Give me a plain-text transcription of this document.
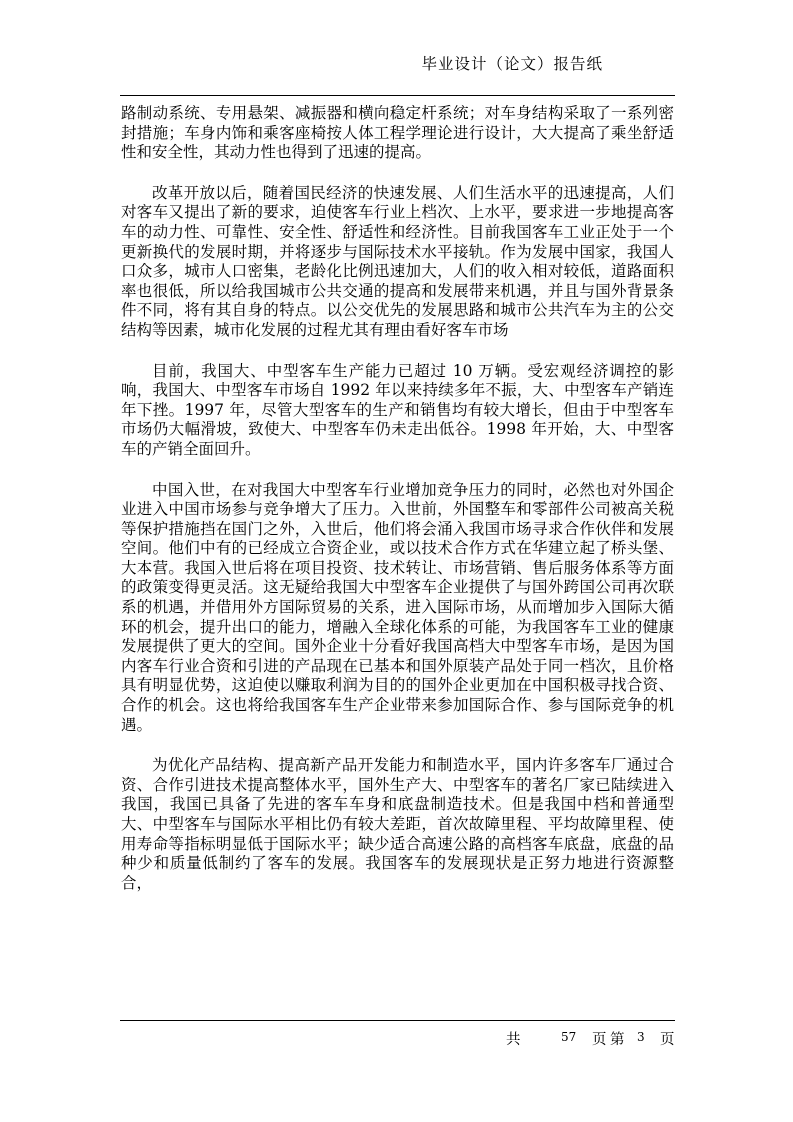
毕业设计（论文）报告纸

路制动系统、专用悬架、减振器和横向稳定杆系统；对车身结构采取了一系列密封措施；车身内饰和乘客座椅按人体工程学理论进行设计，大大提高了乘坐舒适性和安全性，其动力性也得到了迅速的提高。

改革开放以后，随着国民经济的快速发展、人们生活水平的迅速提高，人们对客车又提出了新的要求，迫使客车行业上档次、上水平，要求进一步地提高客车的动力性、可靠性、安全性、舒适性和经济性。目前我国客车工业正处于一个更新换代的发展时期，并将逐步与国际技术水平接轨。作为发展中国家，我国人口众多，城市人口密集，老龄化比例迅速加大，人们的收入相对较低，道路面积率也很低，所以给我国城市公共交通的提高和发展带来机遇，并且与国外背景条件不同，将有其自身的特点。以公交优先的发展思路和城市公共汽车为主的公交结构等因素，城市化发展的过程尤其有理由看好客车市场

目前，我国大、中型客车生产能力已超过 10 万辆。受宏观经济调控的影响，我国大、中型客车市场自 1992 年以来持续多年不振，大、中型客车产销连年下挫。1997 年，尽管大型客车的生产和销售均有较大增长，但由于中型客车市场仍大幅滑坡，致使大、中型客车仍未走出低谷。1998 年开始，大、中型客车的产销全面回升。

中国入世，在对我国大中型客车行业增加竞争压力的同时，必然也对外国企业进入中国市场参与竞争增大了压力。入世前，外国整车和零部件公司被高关税等保护措施挡在国门之外，入世后，他们将会涌入我国市场寻求合作伙伴和发展空间。他们中有的已经成立合资企业，或以技术合作方式在华建立起了桥头堡、大本营。我国入世后将在项目投资、技术转让、市场营销、售后服务体系等方面的政策变得更灵活。这无疑给我国大中型客车企业提供了与国外跨国公司再次联系的机遇，并借用外方国际贸易的关系，进入国际市场，从而增加步入国际大循环的机会，提升出口的能力，增融入全球化体系的可能，为我国客车工业的健康发展提供了更大的空间。国外企业十分看好我国高档大中型客车市场，是因为国内客车行业合资和引进的产品现在已基本和国外原装产品处于同一档次，且价格具有明显优势，这迫使以赚取利润为目的的国外企业更加在中国积极寻找合资、合作的机会。这也将给我国客车生产企业带来参加国际合作、参与国际竞争的机遇。

为优化产品结构、提高新产品开发能力和制造水平，国内许多客车厂通过合资、合作引进技术提高整体水平，国外生产大、中型客车的著名厂家已陆续进入我国，我国已具备了先进的客车车身和底盘制造技术。但是我国中档和普通型大、中型客车与国际水平相比仍有较大差距，首次故障里程、平均故障里程、使用寿命等指标明显低于国际水平；缺少适合高速公路的高档客车底盘，底盘的品种少和质量低制约了客车的发展。我国客车的发展现状是正努力地进行资源整合，

共	57 页 第 3 页
